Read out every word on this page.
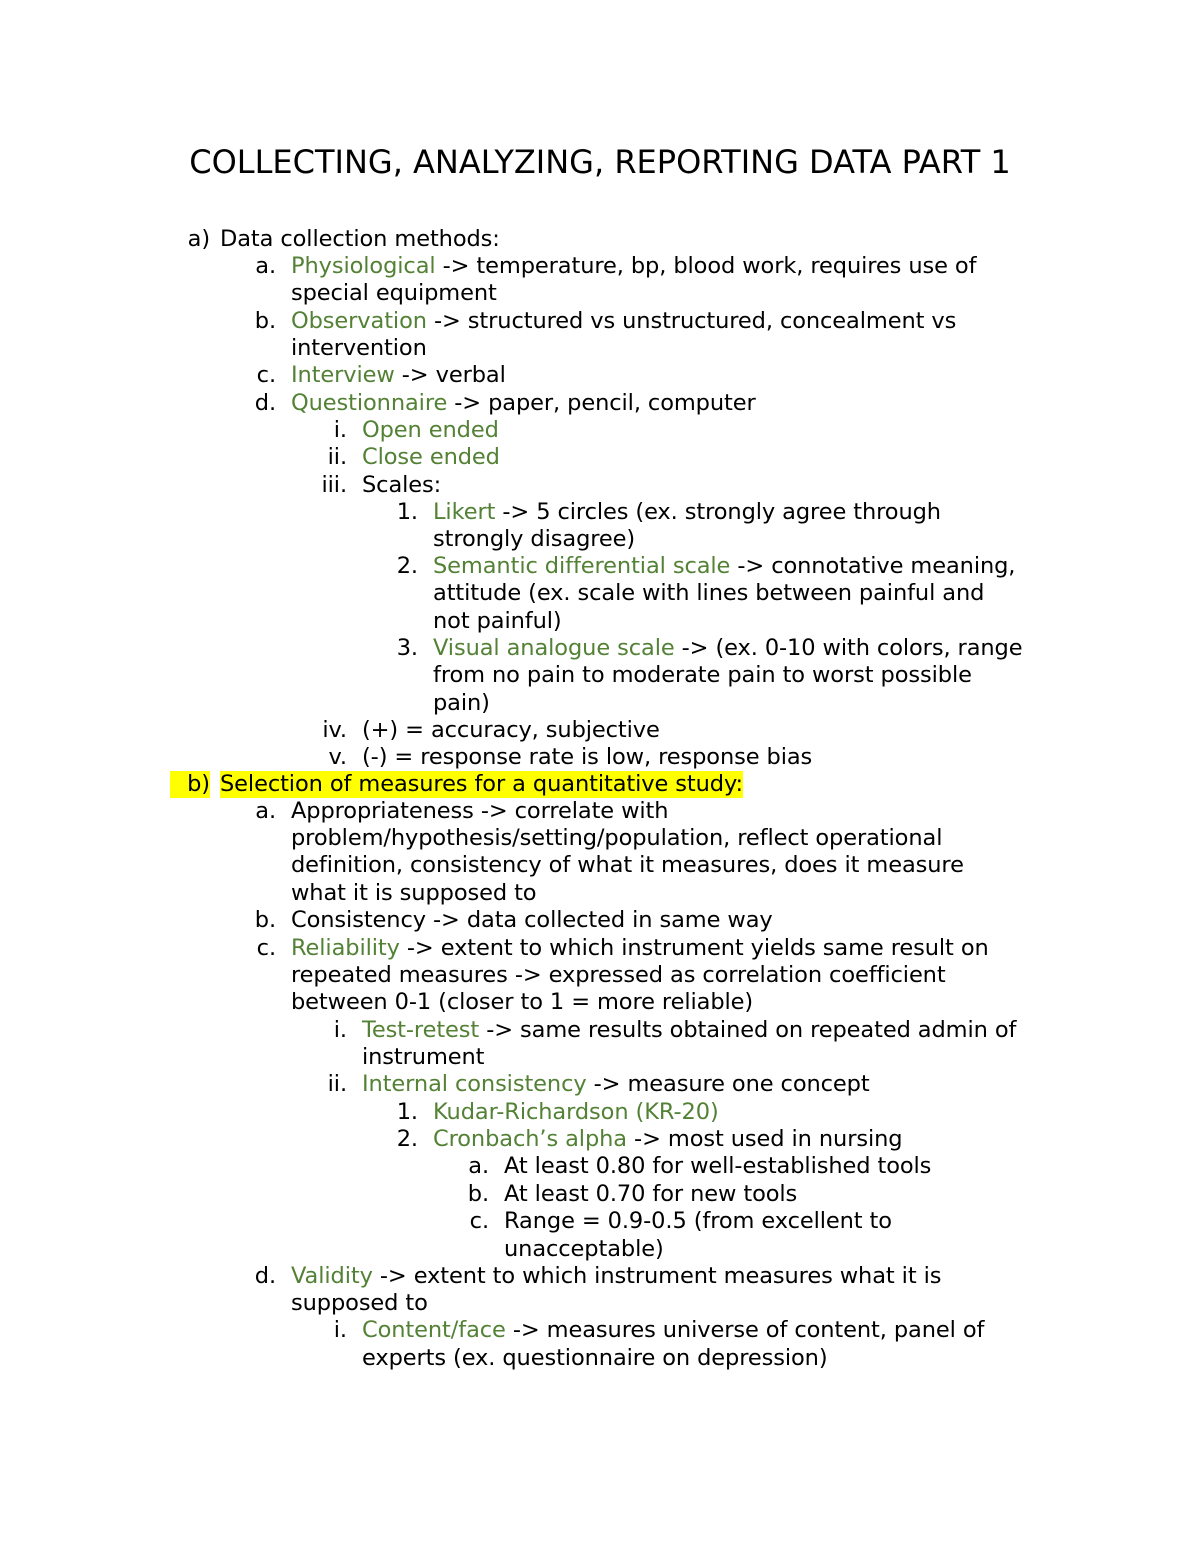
COLLECTING, ANALYZING, REPORTING DATA PART 1
a) Data collection methods:
a. Physiological -> temperature, bp, blood work, requires use of
special equipment
b. Observation -> structured vs unstructured, concealment vs
intervention
c. Interview -> verbal
d. Questionnaire -> paper, pencil, computer
i. Open ended
ii. Close ended
iii. Scales:
1. Likert -> 5 circles (ex. strongly agree through
strongly disagree)
2. Semantic differential scale -> connotative meaning,
attitude (ex. scale with lines between painful and
not painful)
3. Visual analogue scale -> (ex. 0-10 with colors, range
from no pain to moderate pain to worst possible
pain)
iv. (+) = accuracy, subjective
v. (-) = response rate is low, response bias
b) Selection of measures for a quantitative study:
a. Appropriateness -> correlate with
problem/hypothesis/setting/population, reflect operational
definition, consistency of what it measures, does it measure
what it is supposed to
b. Consistency -> data collected in same way
c. Reliability -> extent to which instrument yields same result on
repeated measures -> expressed as correlation coefficient
between 0-1 (closer to 1 = more reliable)
i. Test-retest -> same results obtained on repeated admin of
instrument
ii. Internal consistency -> measure one concept
1. Kudar-Richardson (KR-20)
2. Cronbach’s alpha -> most used in nursing
a. At least 0.80 for well-established tools
b. At least 0.70 for new tools
c. Range = 0.9-0.5 (from excellent to
unacceptable)
d. Validity -> extent to which instrument measures what it is
supposed to
i. Content/face -> measures universe of content, panel of
experts (ex. questionnaire on depression)
